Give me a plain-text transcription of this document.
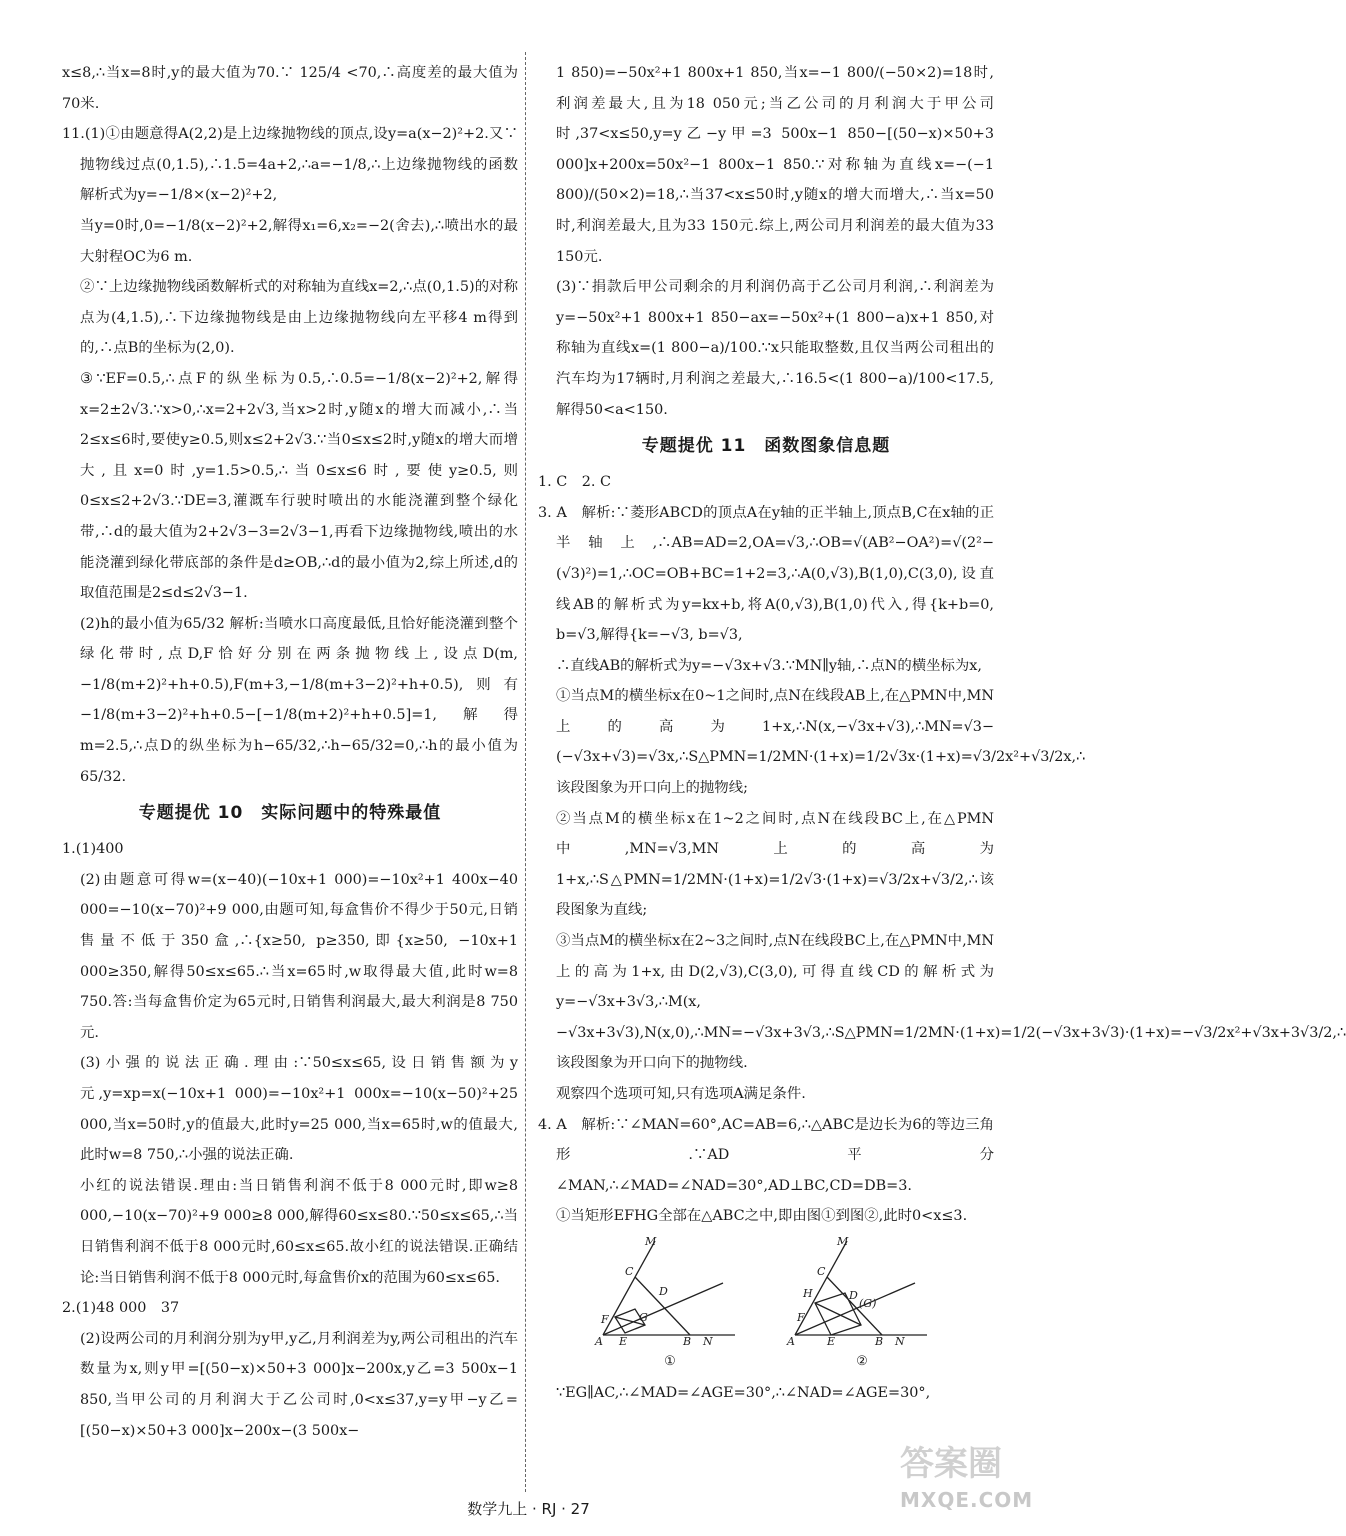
x≤8,∴当x=8时,y的最大值为70.∵ 125/4 <70,∴高度差的最大值为70米.

11.(1)①由题意得A(2,2)是上边缘抛物线的顶点,设y=a(x−2)²+2.又∵抛物线过点(0,1.5),∴1.5=4a+2,∴a=−1/8,∴上边缘抛物线的函数解析式为y=−1/8×(x−2)²+2,

当y=0时,0=−1/8(x−2)²+2,解得x₁=6,x₂=−2(舍去),∴喷出水的最大射程OC为6 m.

②∵上边缘抛物线函数解析式的对称轴为直线x=2,∴点(0,1.5)的对称点为(4,1.5),∴下边缘抛物线是由上边缘抛物线向左平移4 m得到的,∴点B的坐标为(2,0).

③∵EF=0.5,∴点F的纵坐标为0.5,∴0.5=−1/8(x−2)²+2,解得x=2±2√3.∵x>0,∴x=2+2√3,当x>2时,y随x的增大而减小,∴当2≤x≤6时,要使y≥0.5,则x≤2+2√3.∵当0≤x≤2时,y随x的增大而增大,且x=0时,y=1.5>0.5,∴当0≤x≤6时,要使y≥0.5,则0≤x≤2+2√3.∵DE=3,灌溉车行驶时喷出的水能浇灌到整个绿化带,∴d的最大值为2+2√3−3=2√3−1,再看下边缘抛物线,喷出的水能浇灌到绿化带底部的条件是d≥OB,∴d的最小值为2,综上所述,d的取值范围是2≤d≤2√3−1.

(2)h的最小值为65/32 解析:当喷水口高度最低,且恰好能浇灌到整个绿化带时,点D,F恰好分别在两条抛物线上,设点D(m,−1/8(m+2)²+h+0.5),F(m+3,−1/8(m+3−2)²+h+0.5),则有−1/8(m+3−2)²+h+0.5−[−1/8(m+2)²+h+0.5]=1,解得m=2.5,∴点D的纵坐标为h−65/32,∴h−65/32=0,∴h的最小值为65/32.

专题提优 10　实际问题中的特殊最值

1.(1)400

(2)由题意可得w=(x−40)(−10x+1 000)=−10x²+1 400x−40 000=−10(x−70)²+9 000,由题可知,每盒售价不得少于50元,日销售量不低于350盒,∴{x≥50, p≥350,即{x≥50, −10x+1 000≥350,解得50≤x≤65.∴当x=65时,w取得最大值,此时w=8 750.答:当每盒售价定为65元时,日销售利润最大,最大利润是8 750元.

(3)小强的说法正确.理由:∵50≤x≤65,设日销售额为y元,y=xp=x(−10x+1 000)=−10x²+1 000x=−10(x−50)²+25 000,当x=50时,y的值最大,此时y=25 000,当x=65时,w的值最大,此时w=8 750,∴小强的说法正确.

小红的说法错误.理由:当日销售利润不低于8 000元时,即w≥8 000,−10(x−70)²+9 000≥8 000,解得60≤x≤80.∵50≤x≤65,∴当日销售利润不低于8 000元时,60≤x≤65.故小红的说法错误.正确结论:当日销售利润不低于8 000元时,每盒售价x的范围为60≤x≤65.

2.(1)48 000　37

(2)设两公司的月利润分别为y甲,y乙,月利润差为y,两公司租出的汽车数量为x,则y甲=[(50−x)×50+3 000]x−200x,y乙=3 500x−1 850,当甲公司的月利润大于乙公司时,0<x≤37,y=y甲−y乙=[(50−x)×50+3 000]x−200x−(3 500x−

1 850)=−50x²+1 800x+1 850,当x=−1 800/(−50×2)=18时,利润差最大,且为18 050元;当乙公司的月利润大于甲公司时,37<x≤50,y=y乙−y甲=3 500x−1 850−[(50−x)×50+3 000]x+200x=50x²−1 800x−1 850.∵对称轴为直线x=−(−1 800)/(50×2)=18,∴当37<x≤50时,y随x的增大而增大,∴当x=50时,利润差最大,且为33 150元.综上,两公司月利润差的最大值为33 150元.

(3)∵捐款后甲公司剩余的月利润仍高于乙公司月利润,∴利润差为y=−50x²+1 800x+1 850−ax=−50x²+(1 800−a)x+1 850,对称轴为直线x=(1 800−a)/100.∵x只能取整数,且仅当两公司租出的汽车均为17辆时,月利润之差最大,∴16.5<(1 800−a)/100<17.5,解得50<a<150.

专题提优 11　函数图象信息题

1. C　2. C

3. A　解析:∵菱形ABCD的顶点A在y轴的正半轴上,顶点B,C在x轴的正半轴上,∴AB=AD=2,OA=√3,∴OB=√(AB²−OA²)=√(2²−(√3)²)=1,∴OC=OB+BC=1+2=3,∴A(0,√3),B(1,0),C(3,0),设直线AB的解析式为y=kx+b,将A(0,√3),B(1,0)代入,得{k+b=0, b=√3,解得{k=−√3, b=√3,

∴直线AB的解析式为y=−√3x+√3.∵MN∥y轴,∴点N的横坐标为x,

①当点M的横坐标x在0~1之间时,点N在线段AB上,在△PMN中,MN上的高为1+x,∴N(x,−√3x+√3),∴MN=√3−(−√3x+√3)=√3x,∴S△PMN=1/2MN·(1+x)=1/2√3x·(1+x)=√3/2x²+√3/2x,∴该段图象为开口向上的抛物线;

②当点M的横坐标x在1~2之间时,点N在线段BC上,在△PMN中,MN=√3,MN上的高为1+x,∴S△PMN=1/2MN·(1+x)=1/2√3·(1+x)=√3/2x+√3/2,∴该段图象为直线;

③当点M的横坐标x在2~3之间时,点N在线段BC上,在△PMN中,MN上的高为1+x,由D(2,√3),C(3,0),可得直线CD的解析式为y=−√3x+3√3,∴M(x,−√3x+3√3),N(x,0),∴MN=−√3x+3√3,∴S△PMN=1/2MN·(1+x)=1/2(−√3x+3√3)·(1+x)=−√3/2x²+√3x+3√3/2,∴该段图象为开口向下的抛物线.

观察四个选项可知,只有选项A满足条件.

4. A　解析:∵∠MAN=60°,AC=AB=6,∴△ABC是边长为6的等边三角形.∵AD平分∠MAN,∴∠MAD=∠NAD=30°,AD⊥BC,CD=DB=3.

①当矩形EFHG全部在△ABC之中,即由图①到图②,此时0<x≤3.

M
C
D
F	G
A E	B N
①
M
C
H	D
(G)
F
A	E	B N
②

∵EG∥AC,∴∠MAD=∠AGE=30°,∴∠NAD=∠AGE=30°,

数学九上 · RJ · 27
答案圈
MXQE.COM
